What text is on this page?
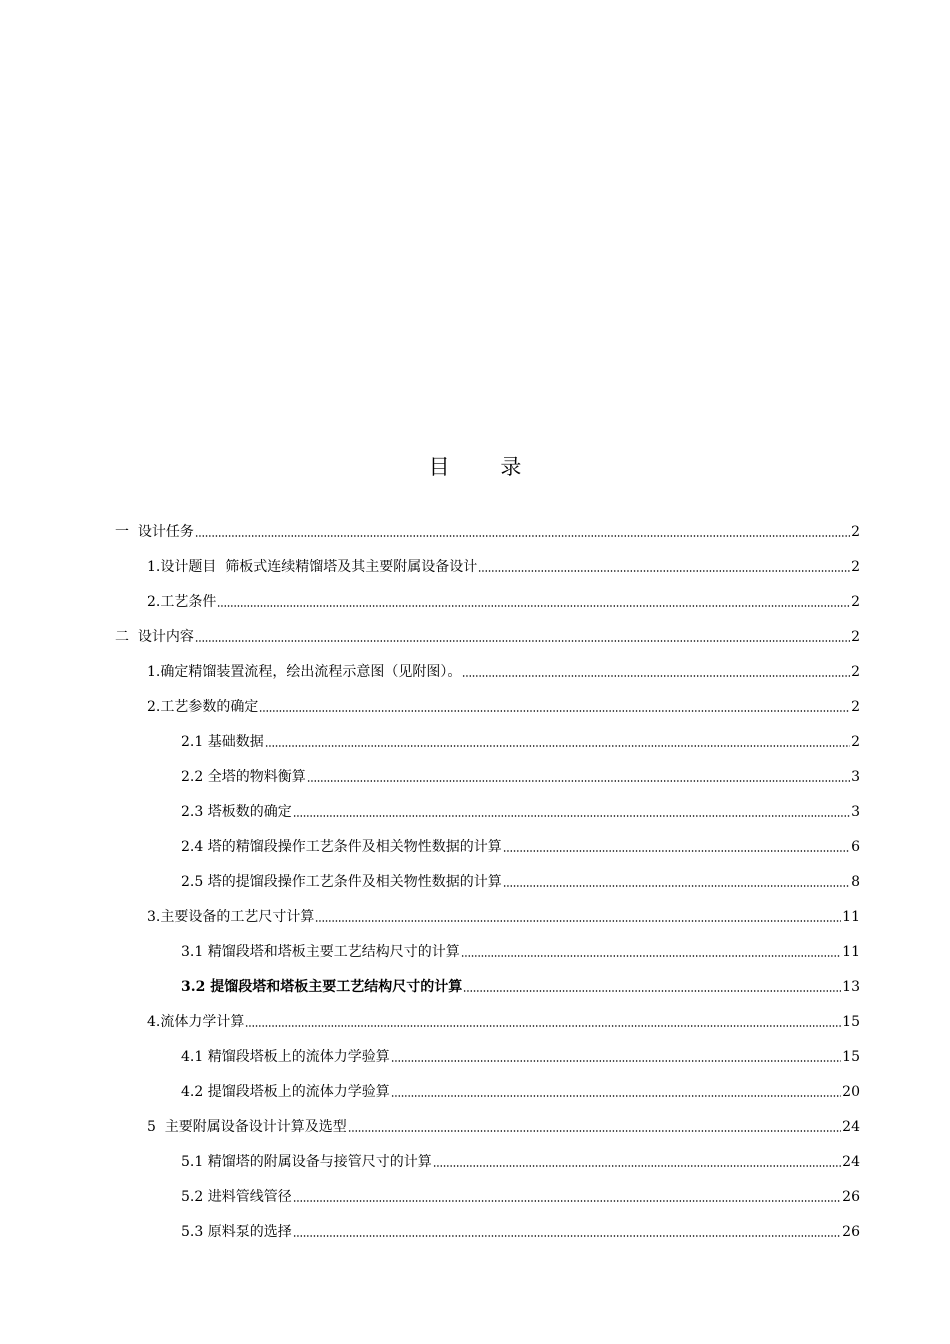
目 录
一  设计任务	2
1.设计题目  筛板式连续精馏塔及其主要附属设备设计	2
2.工艺条件	2
二  设计内容	2
1.确定精馏装置流程，绘出流程示意图（见附图）。	2
2.工艺参数的确定	2
2.1 基础数据	2
2.2 全塔的物料衡算	3
2.3 塔板数的确定	3
2.4 塔的精馏段操作工艺条件及相关物性数据的计算	6
2.5 塔的提馏段操作工艺条件及相关物性数据的计算	8
3.主要设备的工艺尺寸计算	11
3.1 精馏段塔和塔板主要工艺结构尺寸的计算	11
3.2 提馏段塔和塔板主要工艺结构尺寸的计算	13
4.流体力学计算	15
4.1 精馏段塔板上的流体力学验算	15
4.2 提馏段塔板上的流体力学验算	20
5  主要附属设备设计计算及选型	24
5.1 精馏塔的附属设备与接管尺寸的计算	24
5.2 进料管线管径	26
5.3 原料泵的选择	26
